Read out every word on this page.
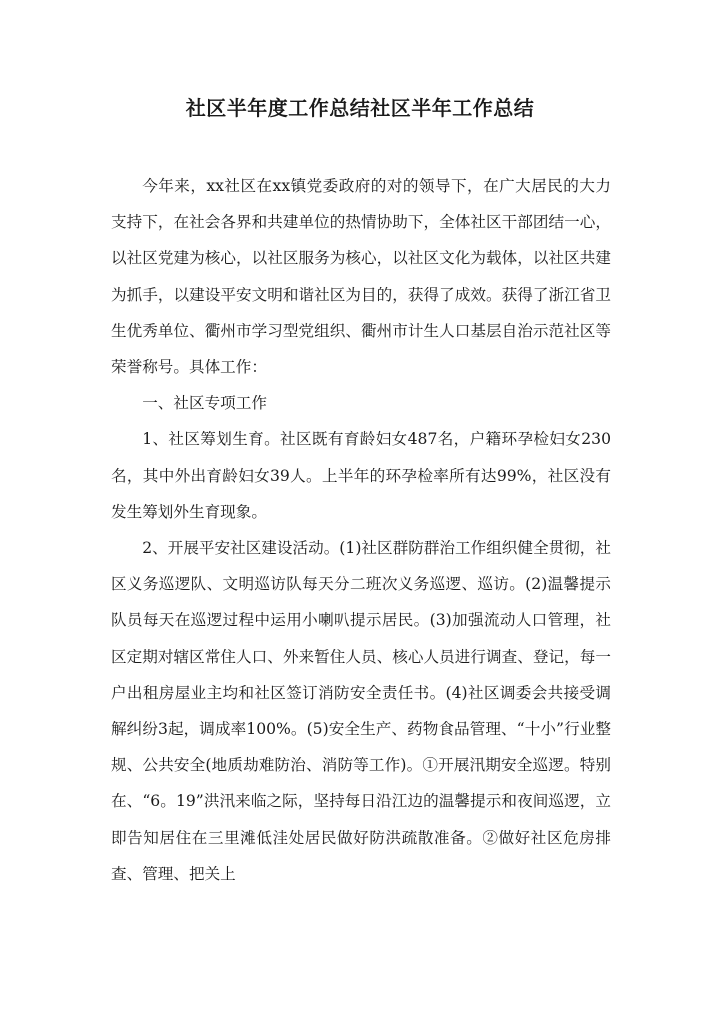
社区半年度工作总结社区半年工作总结

今年来，xx社区在xx镇党委政府的对的领导下，在广大居民的大力支持下，在社会各界和共建单位的热情协助下，全体社区干部团结一心，以社区党建为核心，以社区服务为核心，以社区文化为载体，以社区共建为抓手，以建设平安文明和谐社区为目的，获得了成效。获得了浙江省卫生优秀单位、衢州市学习型党组织、衢州市计生人口基层自治示范社区等荣誉称号。具体工作：

一、社区专项工作

1、社区筹划生育。社区既有育龄妇女487名，户籍环孕检妇女230名，其中外出育龄妇女39人。上半年的环孕检率所有达99%，社区没有发生筹划外生育现象。

2、开展平安社区建设活动。(1)社区群防群治工作组织健全贯彻，社区义务巡逻队、文明巡访队每天分二班次义务巡逻、巡访。(2)温馨提示队员每天在巡逻过程中运用小喇叭提示居民。(3)加强流动人口管理，社区定期对辖区常住人口、外来暂住人员、核心人员进行调查、登记，每一户出租房屋业主均和社区签订消防安全责任书。(4)社区调委会共接受调解纠纷3起，调成率100%。(5)安全生产、药物食品管理、“十小”行业整规、公共安全(地质劫难防治、消防等工作)。①开展汛期安全巡逻。特别在、“6。19”洪汛来临之际，坚持每日沿江边的温馨提示和夜间巡逻，立即告知居住在三里滩低洼处居民做好防洪疏散准备。②做好社区危房排查、管理、把关上
